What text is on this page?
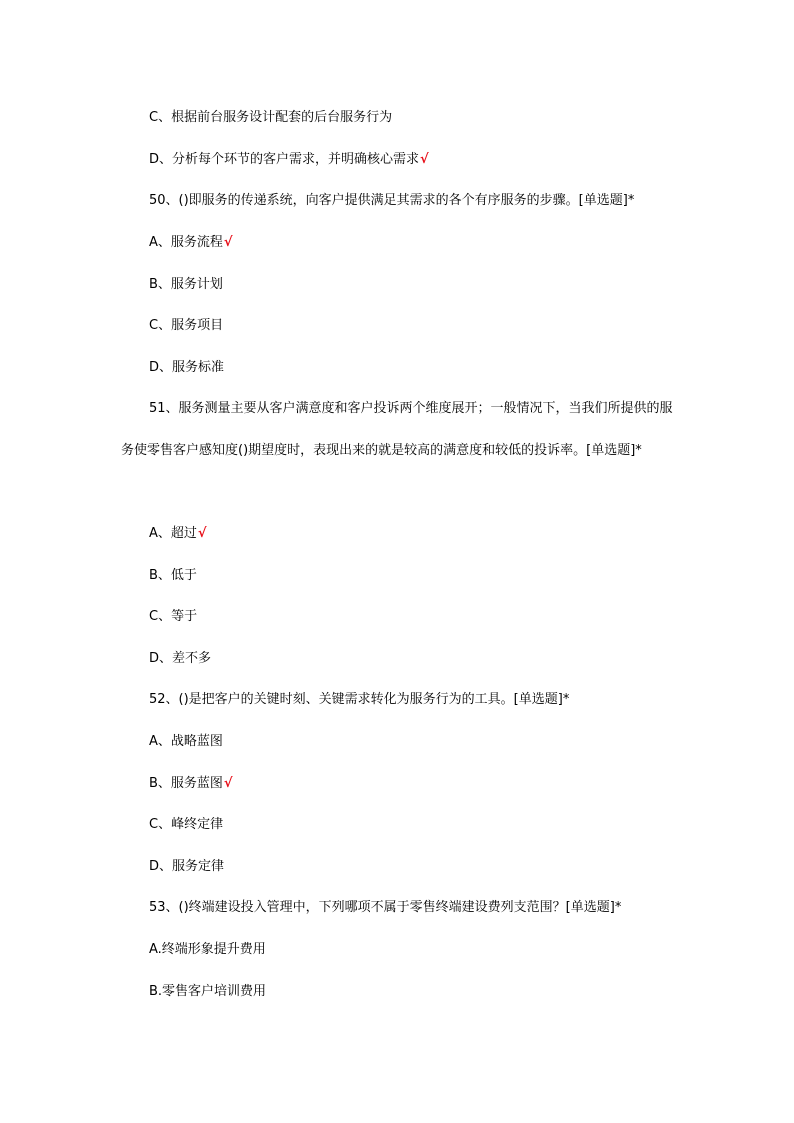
C、根据前台服务设计配套的后台服务行为
D、分析每个环节的客户需求，并明确核心需求√
50、()即服务的传递系统，向客户提供满足其需求的各个有序服务的步骤。[单选题]*
A、服务流程√
B、服务计划
C、服务项目
D、服务标准
51、服务测量主要从客户满意度和客户投诉两个维度展开；一般情况下，当我们所提供的服务使零售客户感知度()期望度时，表现出来的就是较高的满意度和较低的投诉率。[单选题]*
A、超过√
B、低于
C、等于
D、差不多
52、()是把客户的关键时刻、关键需求转化为服务行为的工具。[单选题]*
A、战略蓝图
B、服务蓝图√
C、峰终定律
D、服务定律
53、()终端建设投入管理中，下列哪项不属于零售终端建设费列支范围？[单选题]*
A.终端形象提升费用
B.零售客户培训费用
